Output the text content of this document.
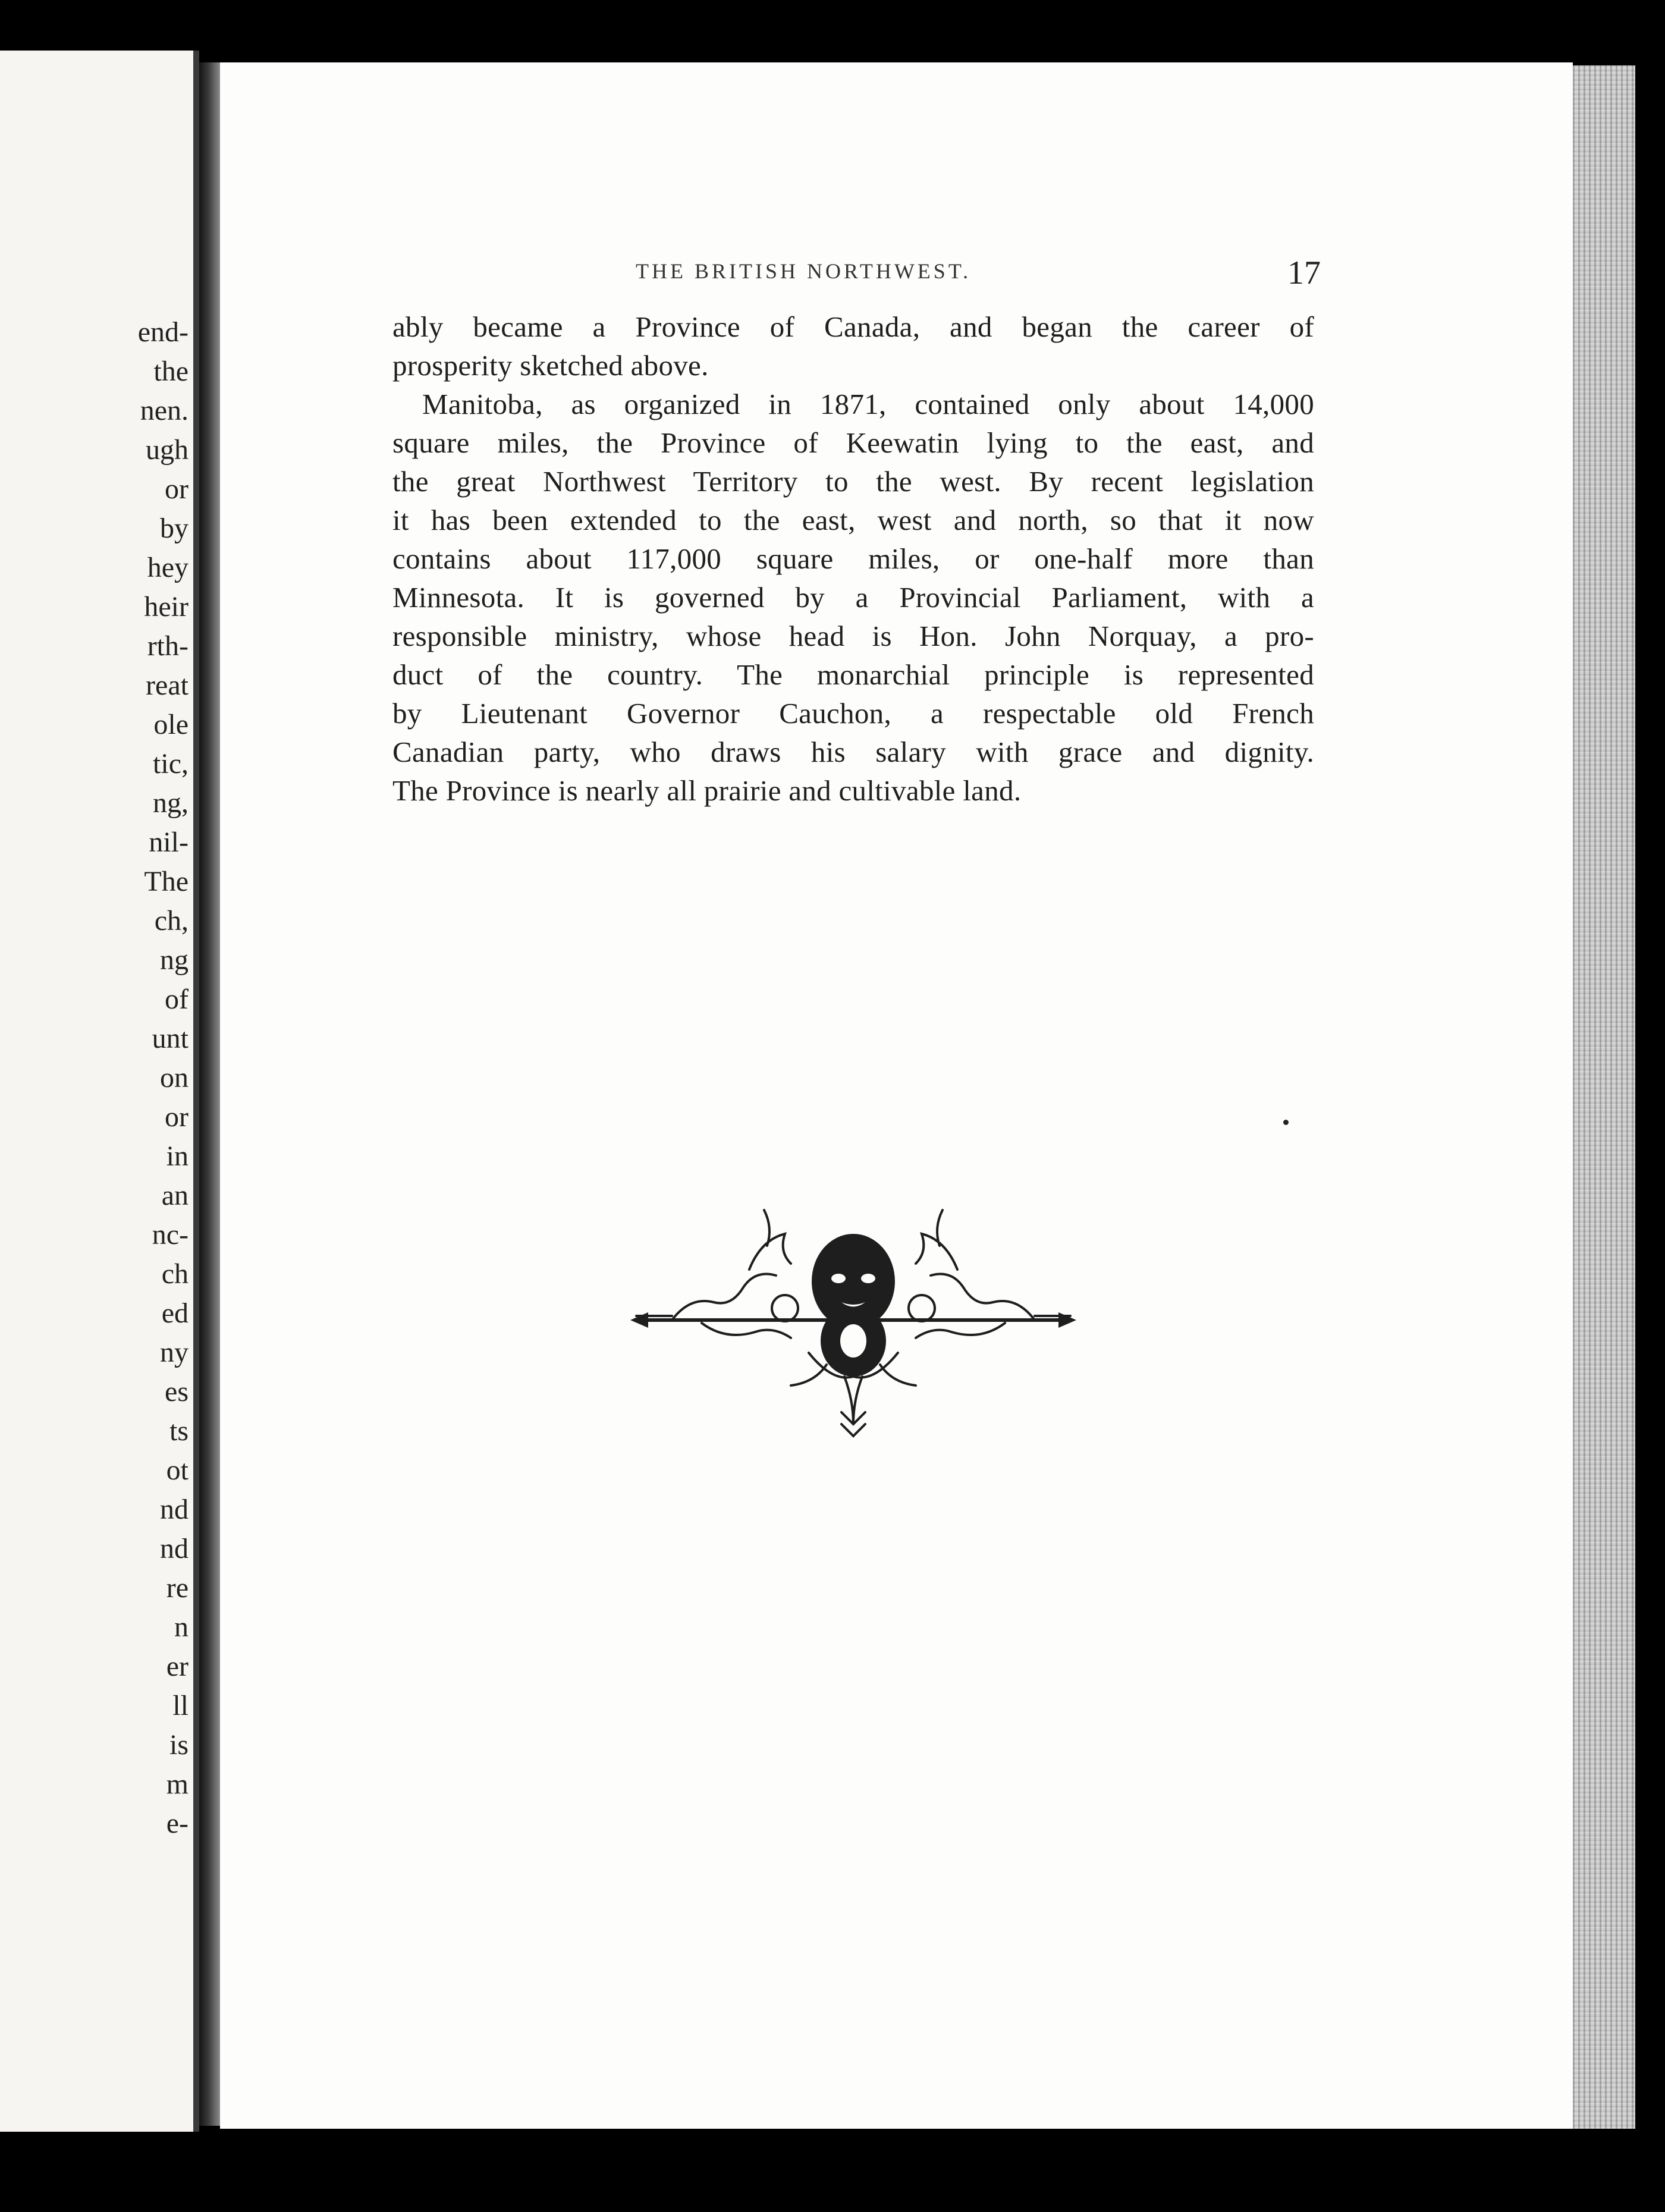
end-
the
nen.
ugh
or
by
hey
heir
rth-
reat
ole
tic,
ng,
nil-
The
ch,
ng
of
unt
on
or
in
an
nc-
ch
ed
ny
es
ts
ot
nd
nd
re
n
er
ll
is
m
e-
THE BRITISH NORTHWEST.	17
ably became a Province of Canada, and began the career of
prosperity sketched above.
Manitoba, as organized in 1871, contained only about 14,000
square miles, the Province of Keewatin lying to the east, and
the great Northwest Territory to the west. By recent legislation
it has been extended to the east, west and north, so that it now
contains about 117,000 square miles, or one-half more than
Minnesota. It is governed by a Provincial Parliament, with a
responsible ministry, whose head is Hon. John Norquay, a pro-
duct of the country. The monarchial principle is represented
by Lieutenant Governor Cauchon, a respectable old French
Canadian party, who draws his salary with grace and dignity.
The Province is nearly all prairie and cultivable land.
